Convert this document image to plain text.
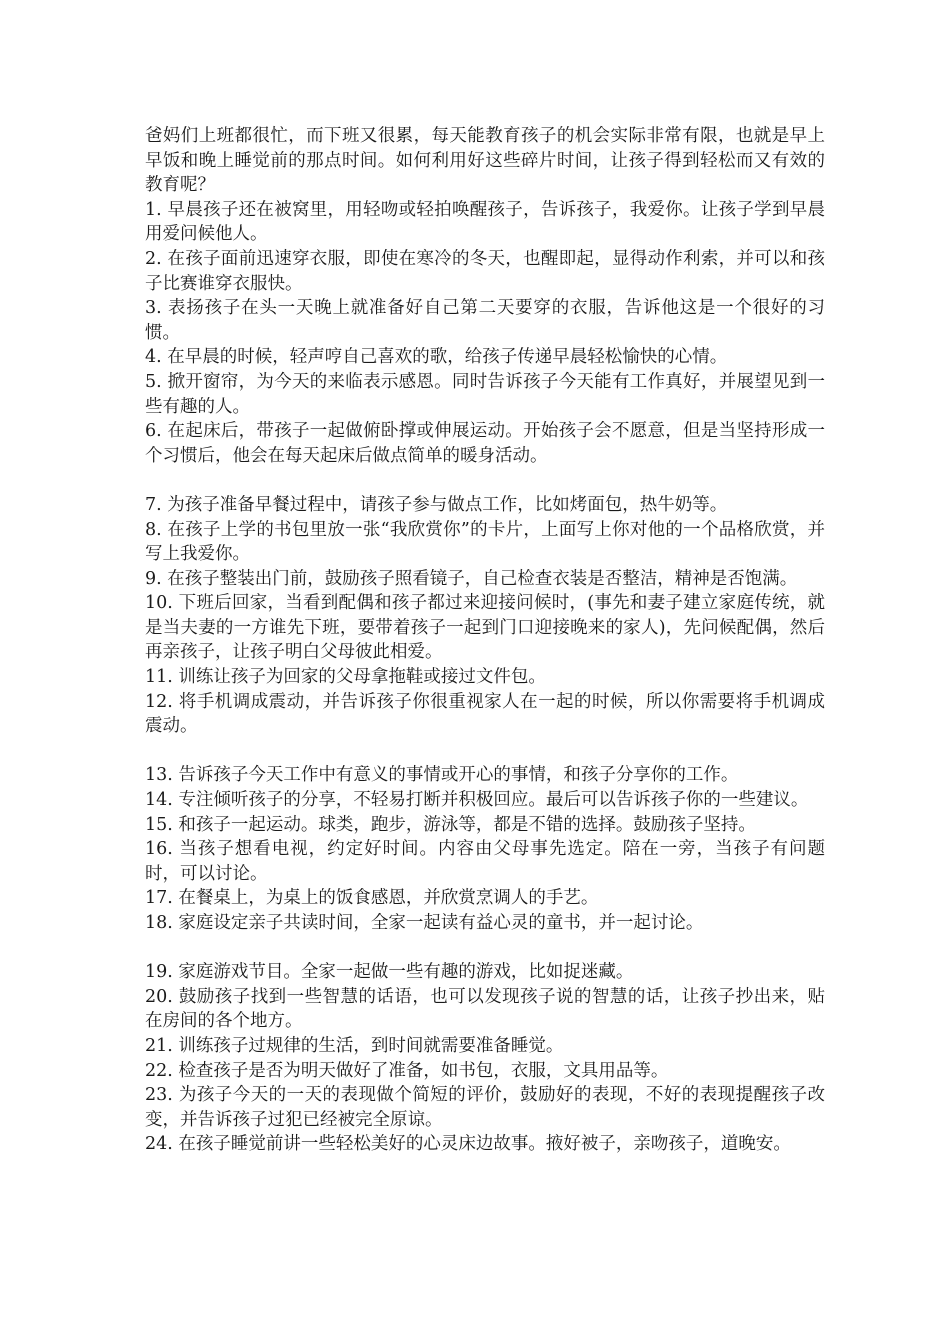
爸妈们上班都很忙，而下班又很累，每天能教育孩子的机会实际非常有限，也就是早上早饭和晚上睡觉前的那点时间。如何利用好这些碎片时间，让孩子得到轻松而又有效的教育呢？

1. 早晨孩子还在被窝里，用轻吻或轻拍唤醒孩子，告诉孩子，我爱你。让孩子学到早晨用爱问候他人。

2. 在孩子面前迅速穿衣服，即使在寒冷的冬天，也醒即起，显得动作利索，并可以和孩子比赛谁穿衣服快。

3. 表扬孩子在头一天晚上就准备好自己第二天要穿的衣服，告诉他这是一个很好的习惯。

4. 在早晨的时候，轻声哼自己喜欢的歌，给孩子传递早晨轻松愉快的心情。

5. 掀开窗帘，为今天的来临表示感恩。同时告诉孩子今天能有工作真好，并展望见到一些有趣的人。

6. 在起床后，带孩子一起做俯卧撑或伸展运动。开始孩子会不愿意，但是当坚持形成一个习惯后，他会在每天起床后做点简单的暖身活动。

7. 为孩子准备早餐过程中，请孩子参与做点工作，比如烤面包，热牛奶等。

8. 在孩子上学的书包里放一张“我欣赏你”的卡片，上面写上你对他的一个品格欣赏，并写上我爱你。

9. 在孩子整装出门前，鼓励孩子照看镜子，自己检查衣装是否整洁，精神是否饱满。

10. 下班后回家，当看到配偶和孩子都过来迎接问候时，(事先和妻子建立家庭传统，就是当夫妻的一方谁先下班，要带着孩子一起到门口迎接晚来的家人)，先问候配偶，然后再亲孩子，让孩子明白父母彼此相爱。

11. 训练让孩子为回家的父母拿拖鞋或接过文件包。

12. 将手机调成震动，并告诉孩子你很重视家人在一起的时候，所以你需要将手机调成震动。

13. 告诉孩子今天工作中有意义的事情或开心的事情，和孩子分享你的工作。

14. 专注倾听孩子的分享，不轻易打断并积极回应。最后可以告诉孩子你的一些建议。

15. 和孩子一起运动。球类，跑步，游泳等，都是不错的选择。鼓励孩子坚持。

16. 当孩子想看电视，约定好时间。内容由父母事先选定。陪在一旁，当孩子有问题时，可以讨论。

17. 在餐桌上，为桌上的饭食感恩，并欣赏烹调人的手艺。

18. 家庭设定亲子共读时间，全家一起读有益心灵的童书，并一起讨论。

19. 家庭游戏节目。全家一起做一些有趣的游戏，比如捉迷藏。

20. 鼓励孩子找到一些智慧的话语，也可以发现孩子说的智慧的话，让孩子抄出来，贴在房间的各个地方。

21. 训练孩子过规律的生活，到时间就需要准备睡觉。

22. 检查孩子是否为明天做好了准备，如书包，衣服，文具用品等。

23. 为孩子今天的一天的表现做个简短的评价，鼓励好的表现，不好的表现提醒孩子改变，并告诉孩子过犯已经被完全原谅。

24. 在孩子睡觉前讲一些轻松美好的心灵床边故事。掖好被子，亲吻孩子，道晚安。
